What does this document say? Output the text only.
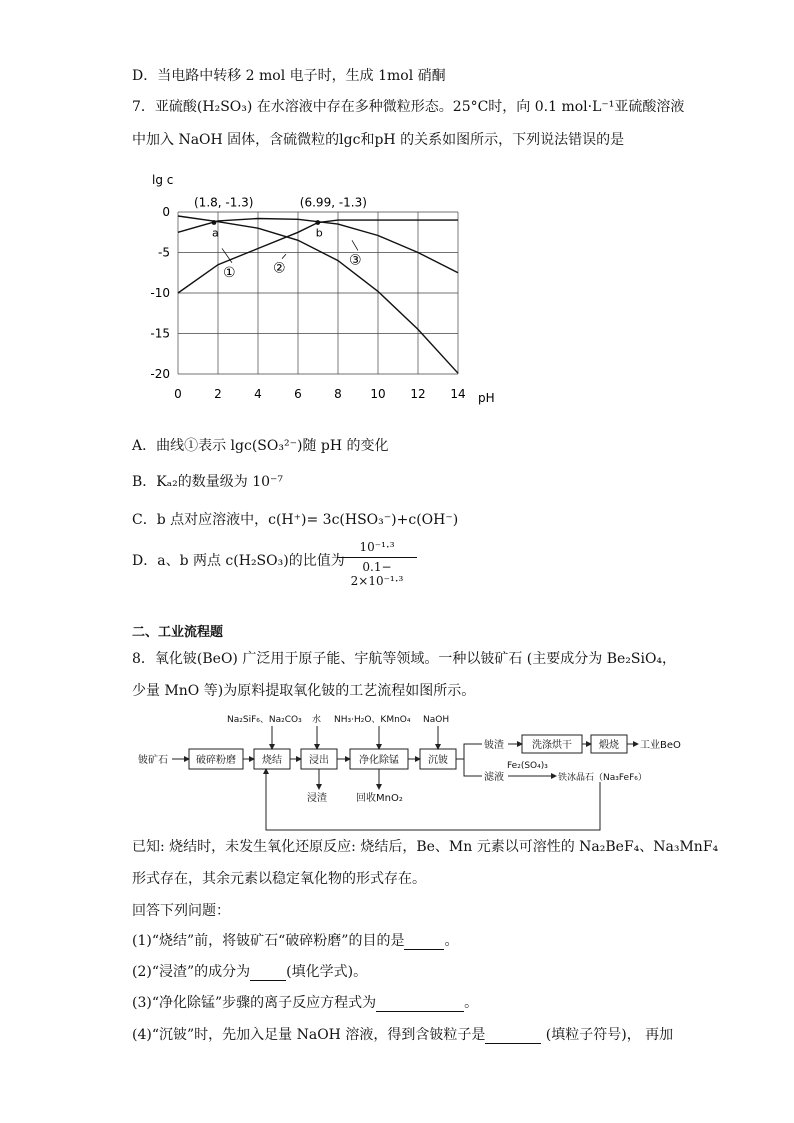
D．当电路中转移 2 mol 电子时，生成 1mol 硝酮
7．亚硫酸(H₂SO₃) 在水溶液中存在多种微粒形态。25°C时，向 0.1 mol·L⁻¹亚硫酸溶液
中加入 NaOH 固体，含硫微粒的lgc和pH 的关系如图所示，下列说法错误的是
0	2	4	6	8 10 12 14
0
-5
-10
-15
-20
lg c
pH
a
(1.8, -1.3)
b
(6.99, -1.3)
①	②
③
A．曲线①表示 lgc(SO₃²⁻)随 pH 的变化
B．Kₐ₂的数量级为 10⁻⁷
C．b 点对应溶液中，c(H⁺)= 3c(HSO₃⁻)+c(OH⁻)
D．a、b 两点 c(H₂SO₃)的比值为
10⁻¹·³
0.1− 2×10⁻¹·³
二、工业流程题
8．氧化铍(BeO) 广泛用于原子能、宇航等领域。一种以铍矿石 (主要成分为 Be₂SiO₄，
少量 MnO 等)为原料提取氧化铍的工艺流程如图所示。
铍矿石	破碎粉磨	烧结	浸出	净化除锰	沉铍
洗涤烘干	煅烧
Na₂SiF₆、Na₂CO₃ 水 NH₃·H₂O、KMnO₄ NaOH
浸渣	回收MnO₂
铍渣
滤液
Fe₂(SO₄)₃
铁冰晶石（Na₃FeF₆）
工业BeO
已知: 烧结时，未发生氧化还原反应: 烧结后，Be、Mn 元素以可溶性的 Na₂BeF₄、Na₃MnF₄
形式存在，其余元素以稳定氧化物的形式存在。
回答下列问题：
(1)“烧结”前，将铍矿石“破碎粉磨”的目的是	。
(2)“浸渣”的成分为	(填化学式)。
(3)“净化除锰”步骤的离子反应方程式为	。
(4)“沉铍”时，先加入足量 NaOH 溶液，得到含铍粒子是	(填粒子符号)， 再加
